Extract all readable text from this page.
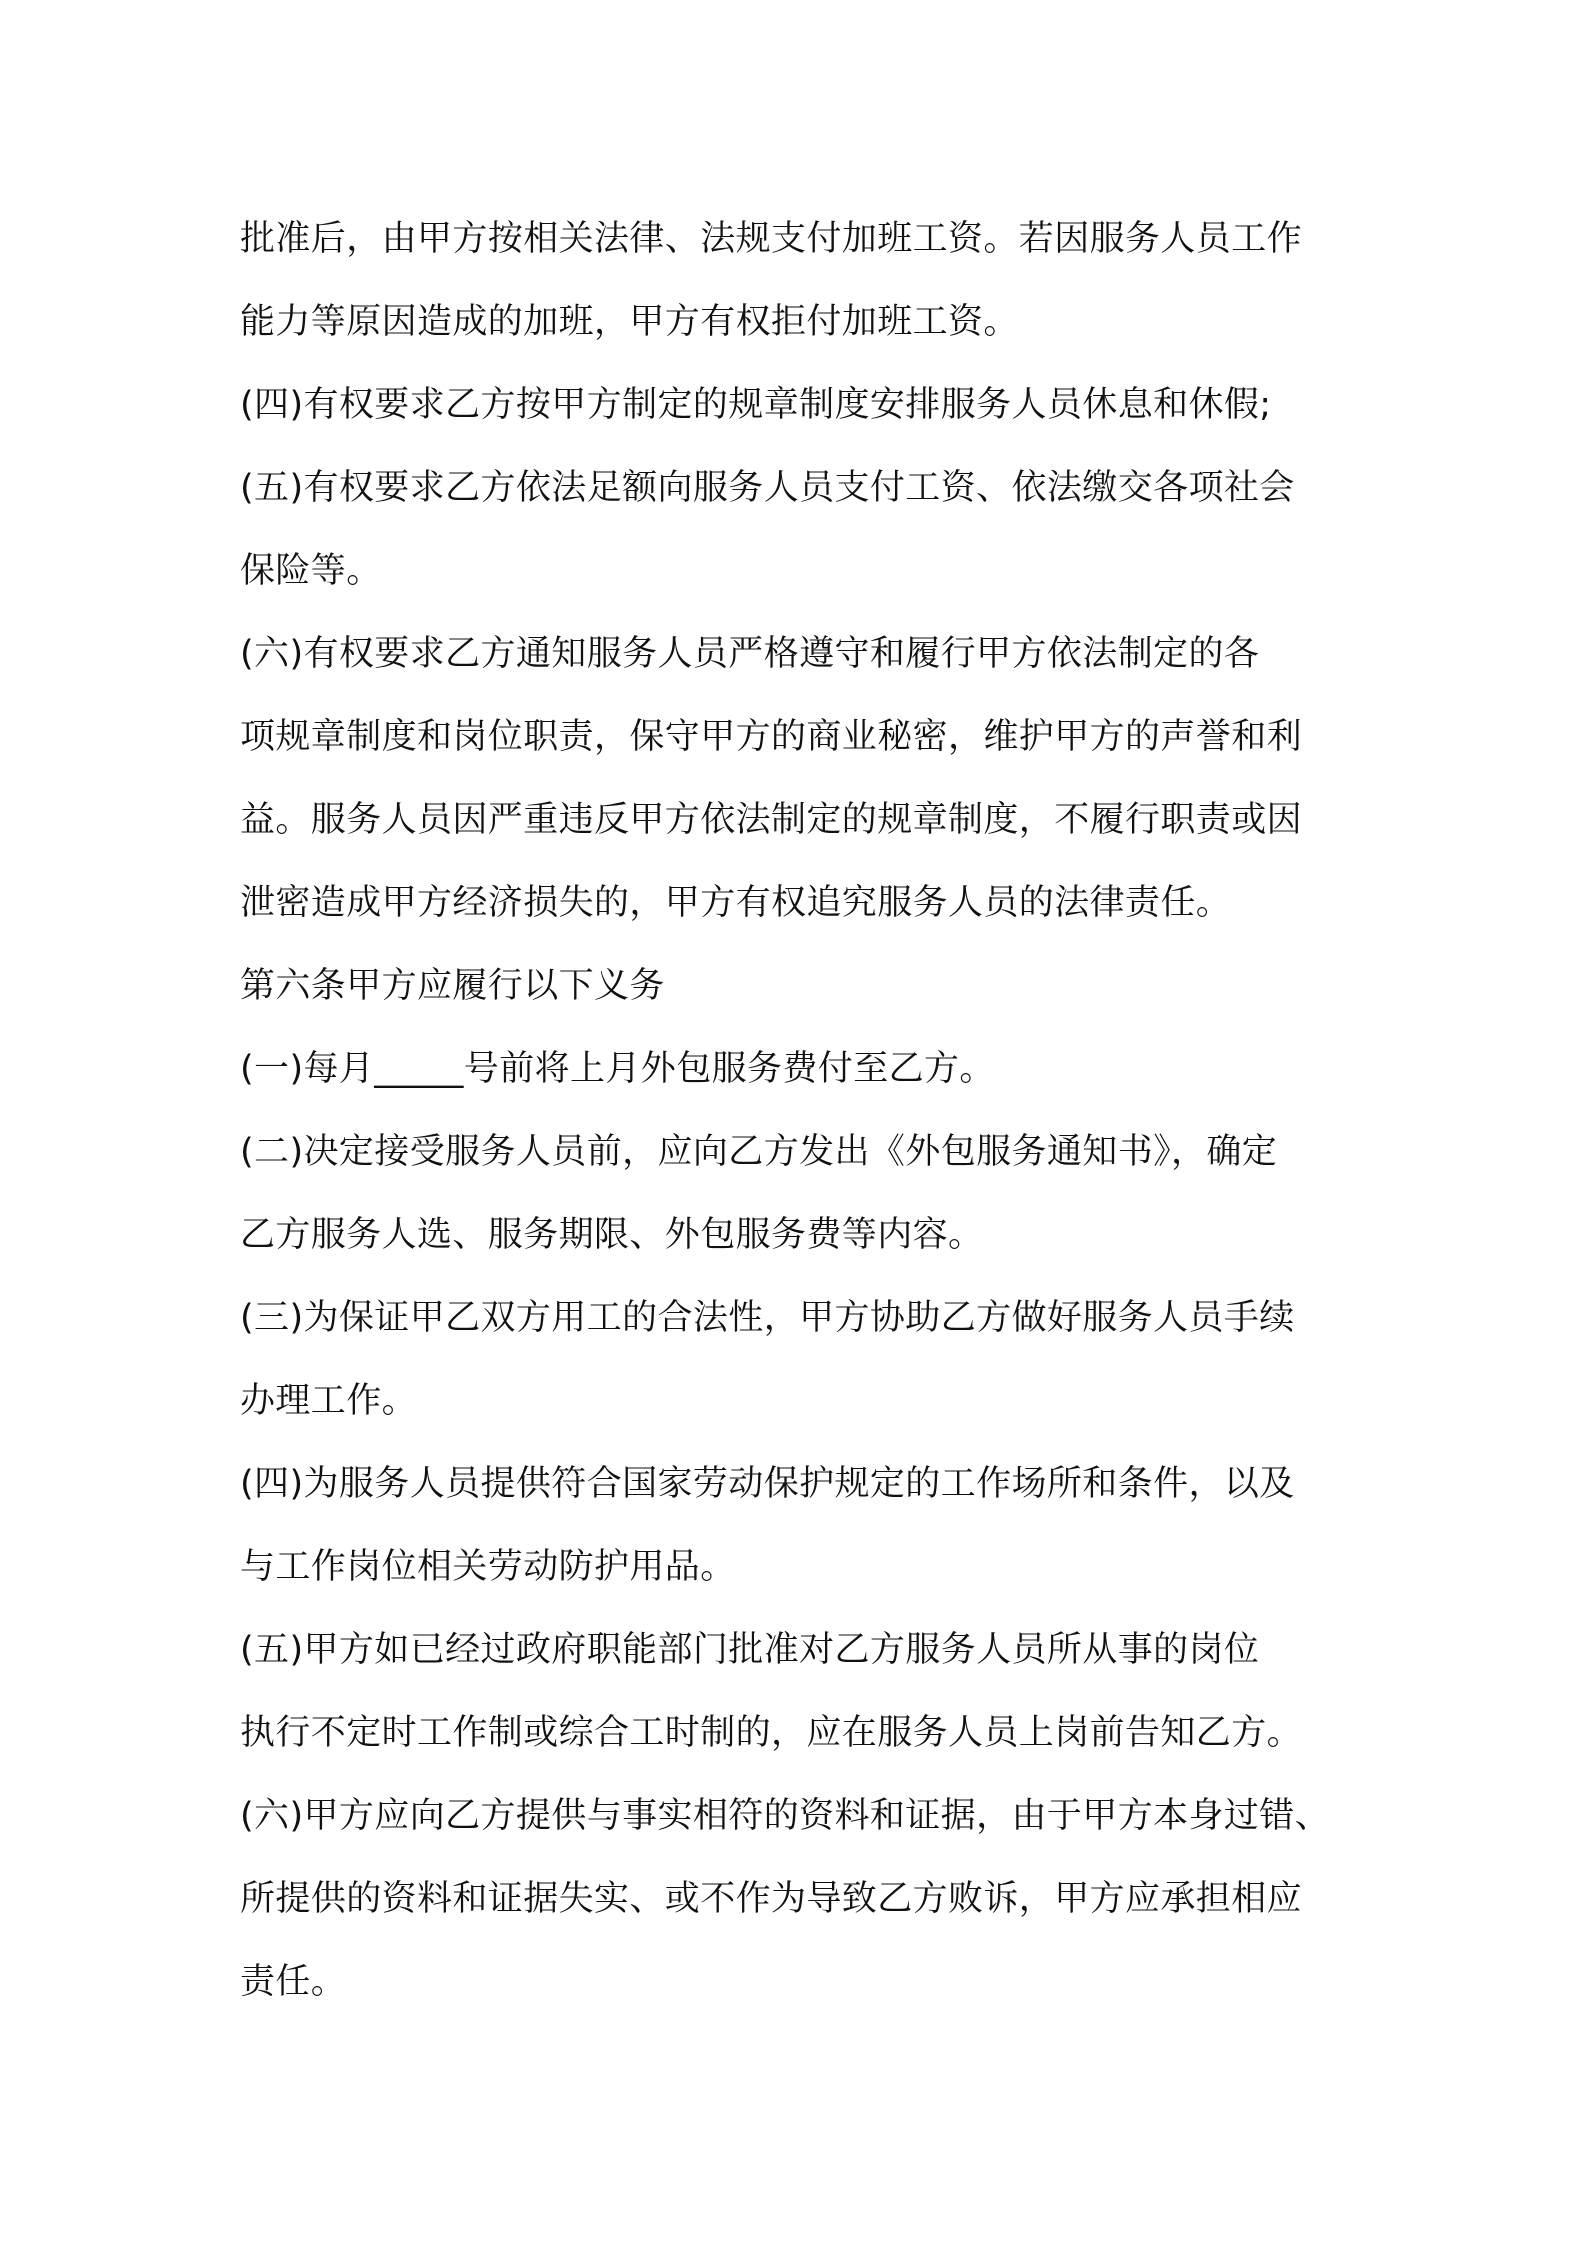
批准后，由甲方按相关法律、法规支付加班工资。若因服务人员工作
能力等原因造成的加班，甲方有权拒付加班工资。
(四)有权要求乙方按甲方制定的规章制度安排服务人员休息和休假;
(五)有权要求乙方依法足额向服务人员支付工资、依法缴交各项社会
保险等。
(六)有权要求乙方通知服务人员严格遵守和履行甲方依法制定的各
项规章制度和岗位职责，保守甲方的商业秘密，维护甲方的声誉和利
益。服务人员因严重违反甲方依法制定的规章制度，不履行职责或因
泄密造成甲方经济损失的，甲方有权追究服务人员的法律责任。
第六条甲方应履行以下义务
(一)每月_____号前将上月外包服务费付至乙方。
(二)决定接受服务人员前，应向乙方发出《外包服务通知书》，确定
乙方服务人选、服务期限、外包服务费等内容。
(三)为保证甲乙双方用工的合法性，甲方协助乙方做好服务人员手续
办理工作。
(四)为服务人员提供符合国家劳动保护规定的工作场所和条件，以及
与工作岗位相关劳动防护用品。
(五)甲方如已经过政府职能部门批准对乙方服务人员所从事的岗位
执行不定时工作制或综合工时制的，应在服务人员上岗前告知乙方。
(六)甲方应向乙方提供与事实相符的资料和证据，由于甲方本身过错、
所提供的资料和证据失实、或不作为导致乙方败诉，甲方应承担相应
责任。
